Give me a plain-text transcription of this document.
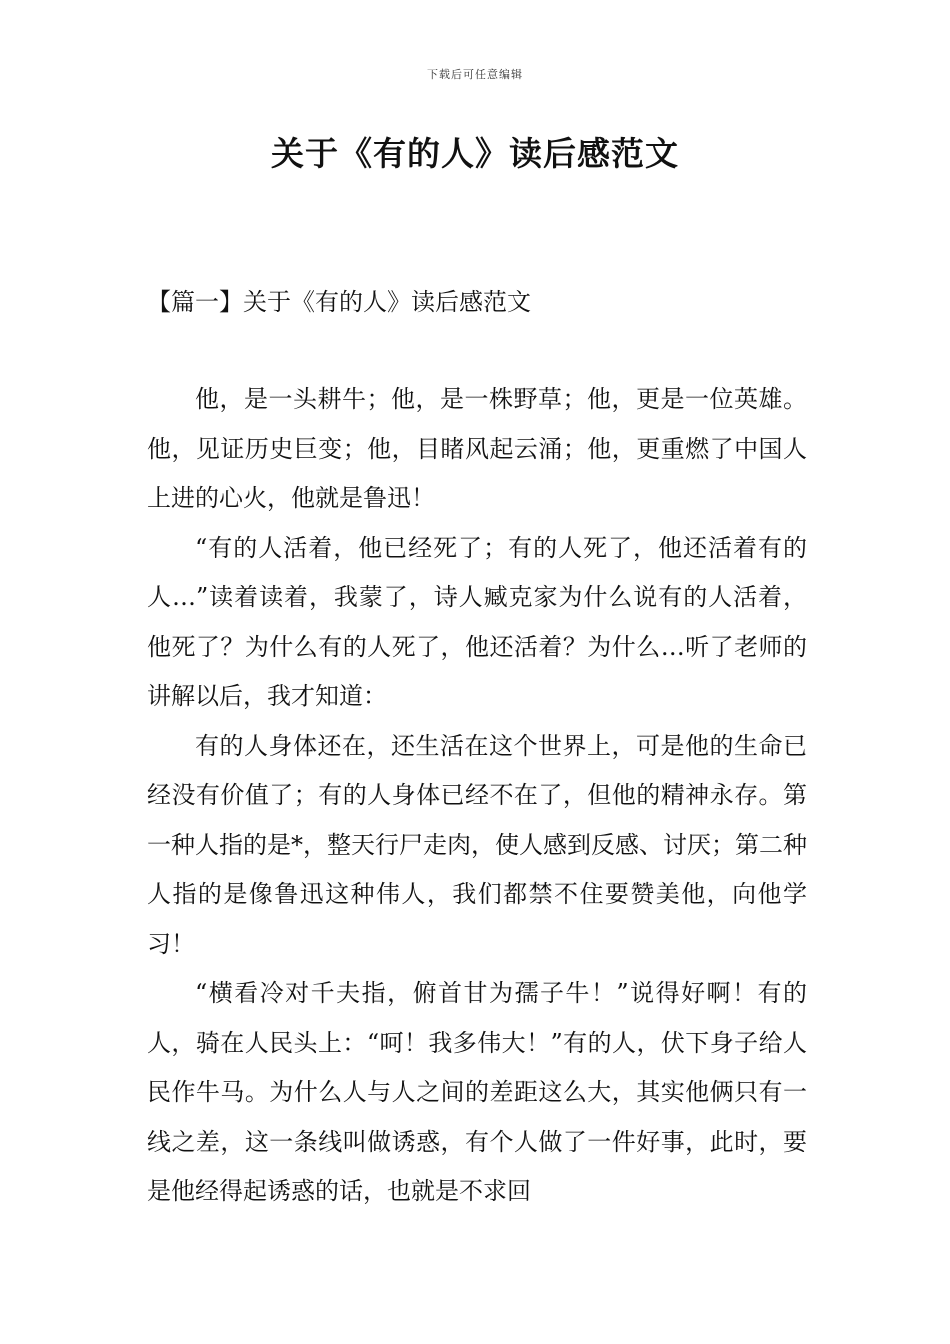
下载后可任意编辑
关于《有的人》读后感范文
【篇一】关于《有的人》读后感范文

他，是一头耕牛；他，是一株野草；他，更是一位英雄。他，见证历史巨变；他，目睹风起云涌；他，更重燃了中国人上进的心火，他就是鲁迅！

“有的人活着，他已经死了；有的人死了，他还活着有的人…”读着读着，我蒙了，诗人臧克家为什么说有的人活着，他死了？为什么有的人死了，他还活着？为什么…听了老师的讲解以后，我才知道：

有的人身体还在，还生活在这个世界上，可是他的生命已经没有价值了；有的人身体已经不在了，但他的精神永存。第一种人指的是*，整天行尸走肉，使人感到反感、讨厌；第二种人指的是像鲁迅这种伟人，我们都禁不住要赞美他，向他学习！

“横看冷对千夫指，俯首甘为孺子牛！”说得好啊！有的人，骑在人民头上：“呵！我多伟大！”有的人，伏下身子给人民作牛马。为什么人与人之间的差距这么大，其实他俩只有一线之差，这一条线叫做诱惑，有个人做了一件好事，此时，要是他经得起诱惑的话，也就是不求回
